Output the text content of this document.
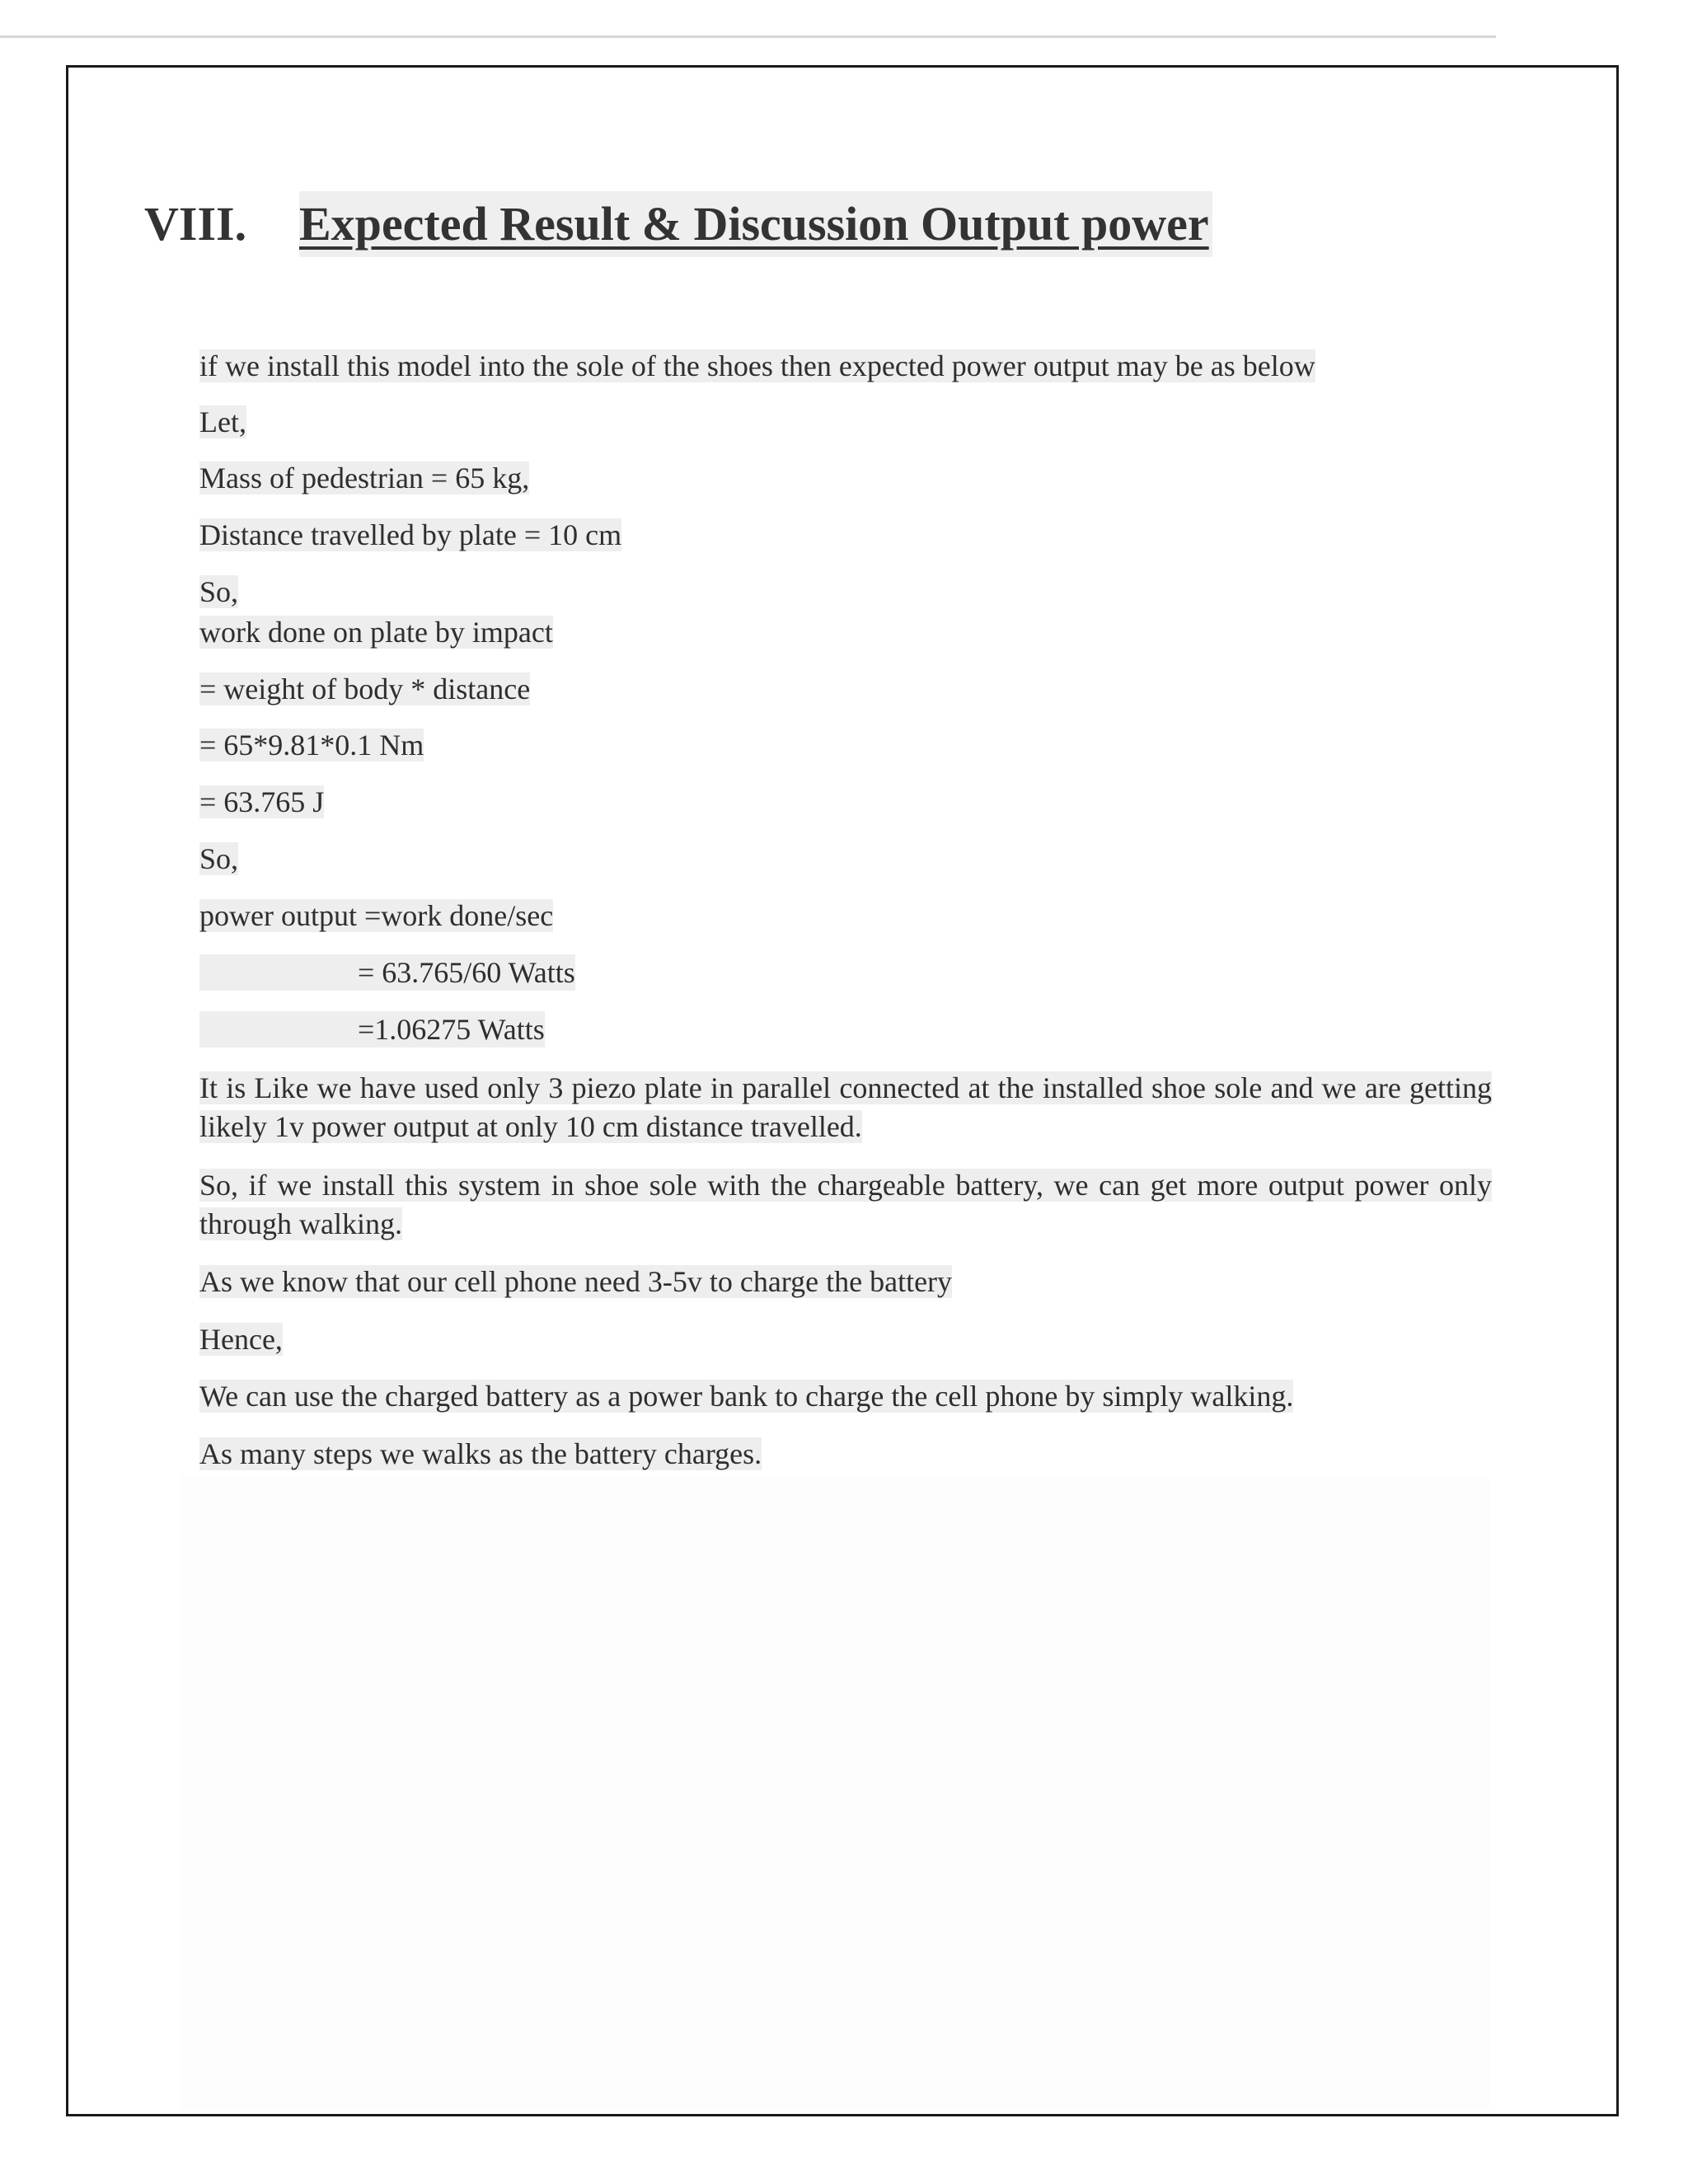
VIII. Expected Result & Discussion Output power
if we install this model into the sole of the shoes then expected power output may be as below
Let,
Mass of pedestrian = 65 kg,
Distance travelled by plate = 10 cm
So,
work done on plate by impact
= weight of body * distance
= 65*9.81*0.1 Nm
= 63.765 J
So,
power output =work done/sec
= 63.765/60 Watts
=1.06275 Watts
It is Like we have used only 3 piezo plate in parallel connected at the installed shoe sole and we are getting likely 1v power output at only 10 cm distance travelled.
So, if we install this system in shoe sole with the chargeable battery, we can get more output power only through walking.
As we know that our cell phone need 3-5v to charge the battery
Hence,
We can use the charged battery as a power bank to charge the cell phone by simply walking.
As many steps we walks as the battery charges.
